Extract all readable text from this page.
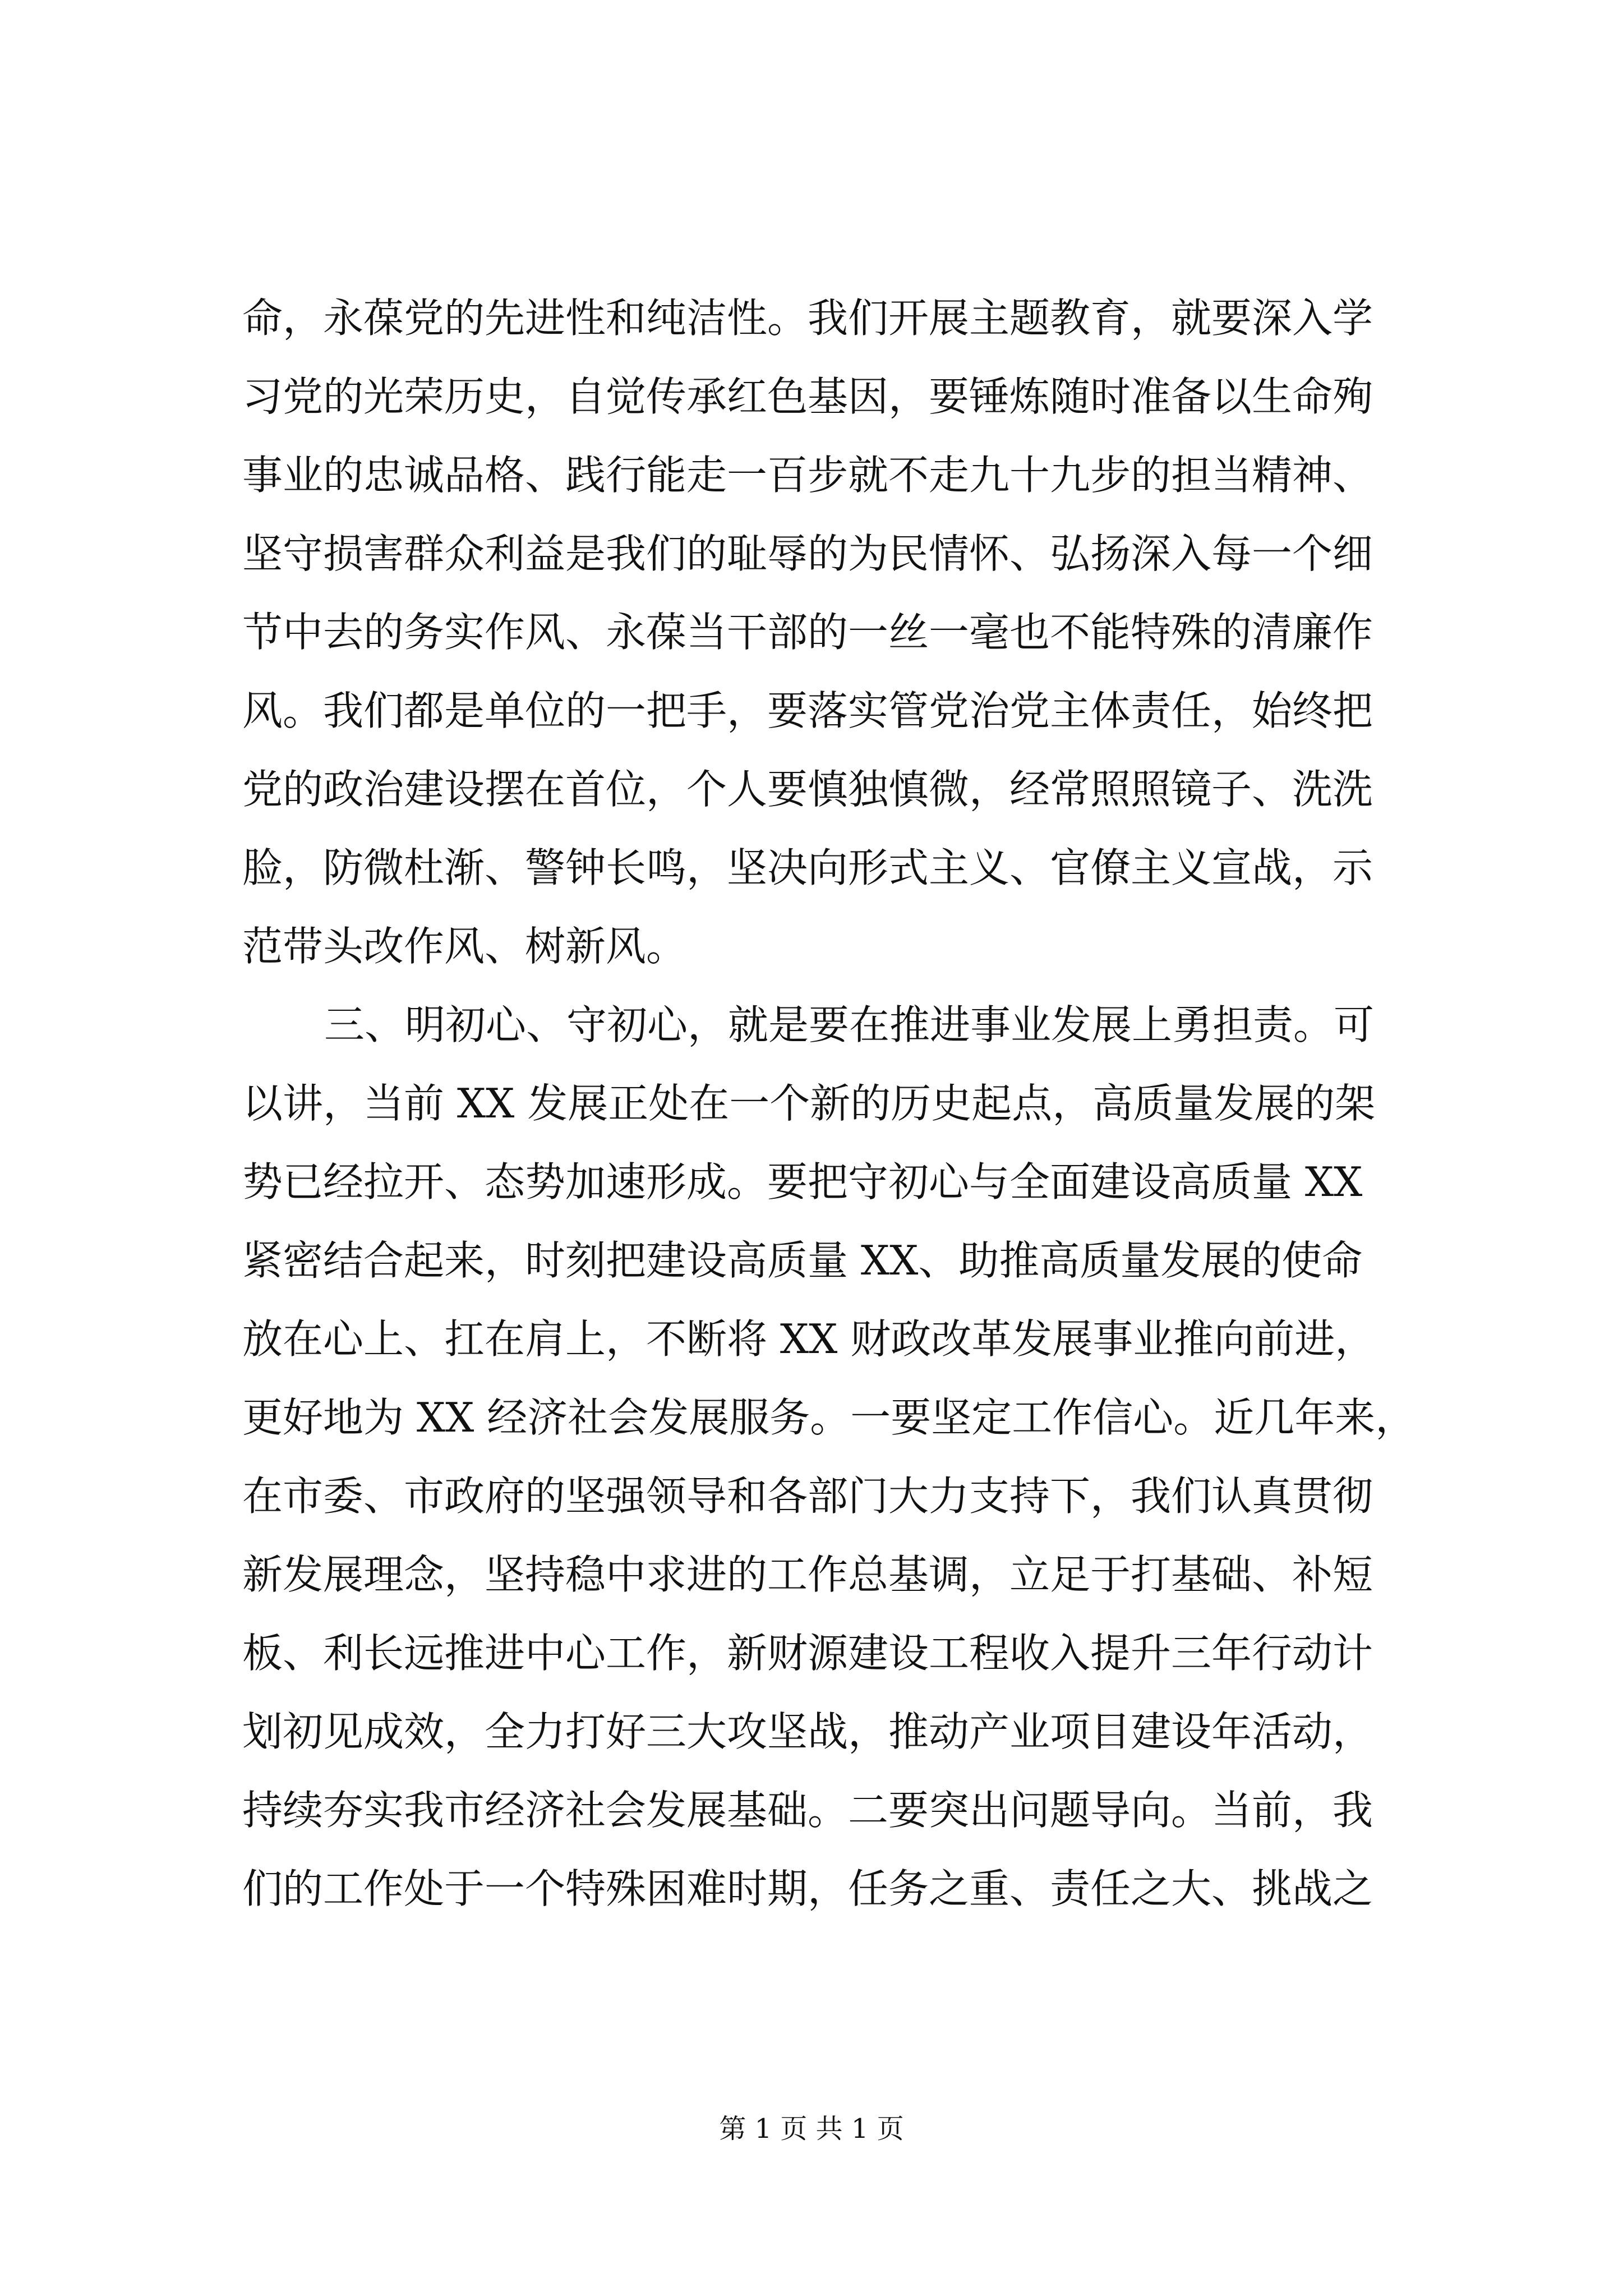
命，永葆党的先进性和纯洁性。我们开展主题教育，就要深入学

习党的光荣历史，自觉传承红色基因，要锤炼随时准备以生命殉

事业的忠诚品格、践行能走一百步就不走九十九步的担当精神、

坚守损害群众利益是我们的耻辱的为民情怀、弘扬深入每一个细

节中去的务实作风、永葆当干部的一丝一毫也不能特殊的清廉作

风。我们都是单位的一把手，要落实管党治党主体责任，始终把

党的政治建设摆在首位，个人要慎独慎微，经常照照镜子、洗洗

脸，防微杜渐、警钟长鸣，坚决向形式主义、官僚主义宣战，示

范带头改作风、树新风。

三、明初心、守初心，就是要在推进事业发展上勇担责。可

以讲，当前 XX 发展正处在一个新的历史起点，高质量发展的架

势已经拉开、态势加速形成。要把守初心与全面建设高质量 XX

紧密结合起来，时刻把建设高质量 XX、助推高质量发展的使命

放在心上、扛在肩上，不断将 XX 财政改革发展事业推向前进，

更好地为 XX 经济社会发展服务。一要坚定工作信心。近几年来，

在市委、市政府的坚强领导和各部门大力支持下，我们认真贯彻

新发展理念，坚持稳中求进的工作总基调，立足于打基础、补短

板、利长远推进中心工作，新财源建设工程收入提升三年行动计

划初见成效，全力打好三大攻坚战，推动产业项目建设年活动，

持续夯实我市经济社会发展基础。二要突出问题导向。当前，我

们的工作处于一个特殊困难时期，任务之重、责任之大、挑战之

第 1 页 共 1 页
